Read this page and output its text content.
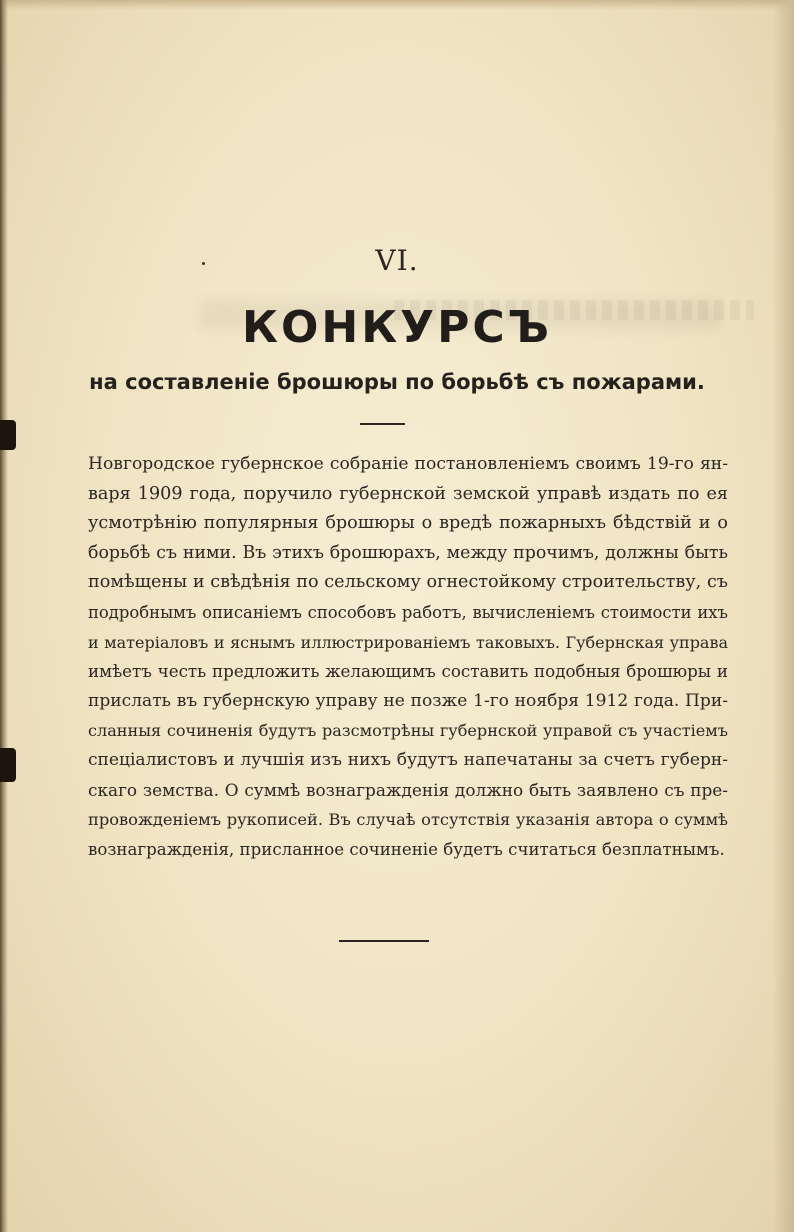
VI.
КОНКУРСЪ
на составленіе брошюры по борьбѣ съ пожарами.
Новгородское губернское собраніе постановленіемъ своимъ 19-го ян-
варя 1909 года, поручило губернской земской управѣ издать по ея
усмотрѣнію популярныя брошюры о вредѣ пожарныхъ бѣдствій и о
борьбѣ съ ними. Въ этихъ брошюрахъ, между прочимъ, должны быть
помѣщены и свѣдѣнія по сельскому огнестойкому строительству, съ
подробнымъ описаніемъ способовъ работъ, вычисленіемъ стоимости ихъ
и матеріаловъ и яснымъ иллюстрированіемъ таковыхъ. Губернская управа
имѣетъ честь предложить желающимъ составить подобныя брошюры и
прислать въ губернскую управу не позже 1-го ноября 1912 года. При-
сланныя сочиненія будутъ разсмотрѣны губернской управой съ участіемъ
спеціалистовъ и лучшія изъ нихъ будутъ напечатаны за счетъ губерн-
скаго земства. О суммѣ вознагражденія должно быть заявлено съ пре-
провожденіемъ рукописей. Въ случаѣ отсутствія указанія автора о суммѣ
вознагражденія, присланное сочиненіе будетъ считаться безплатнымъ.
